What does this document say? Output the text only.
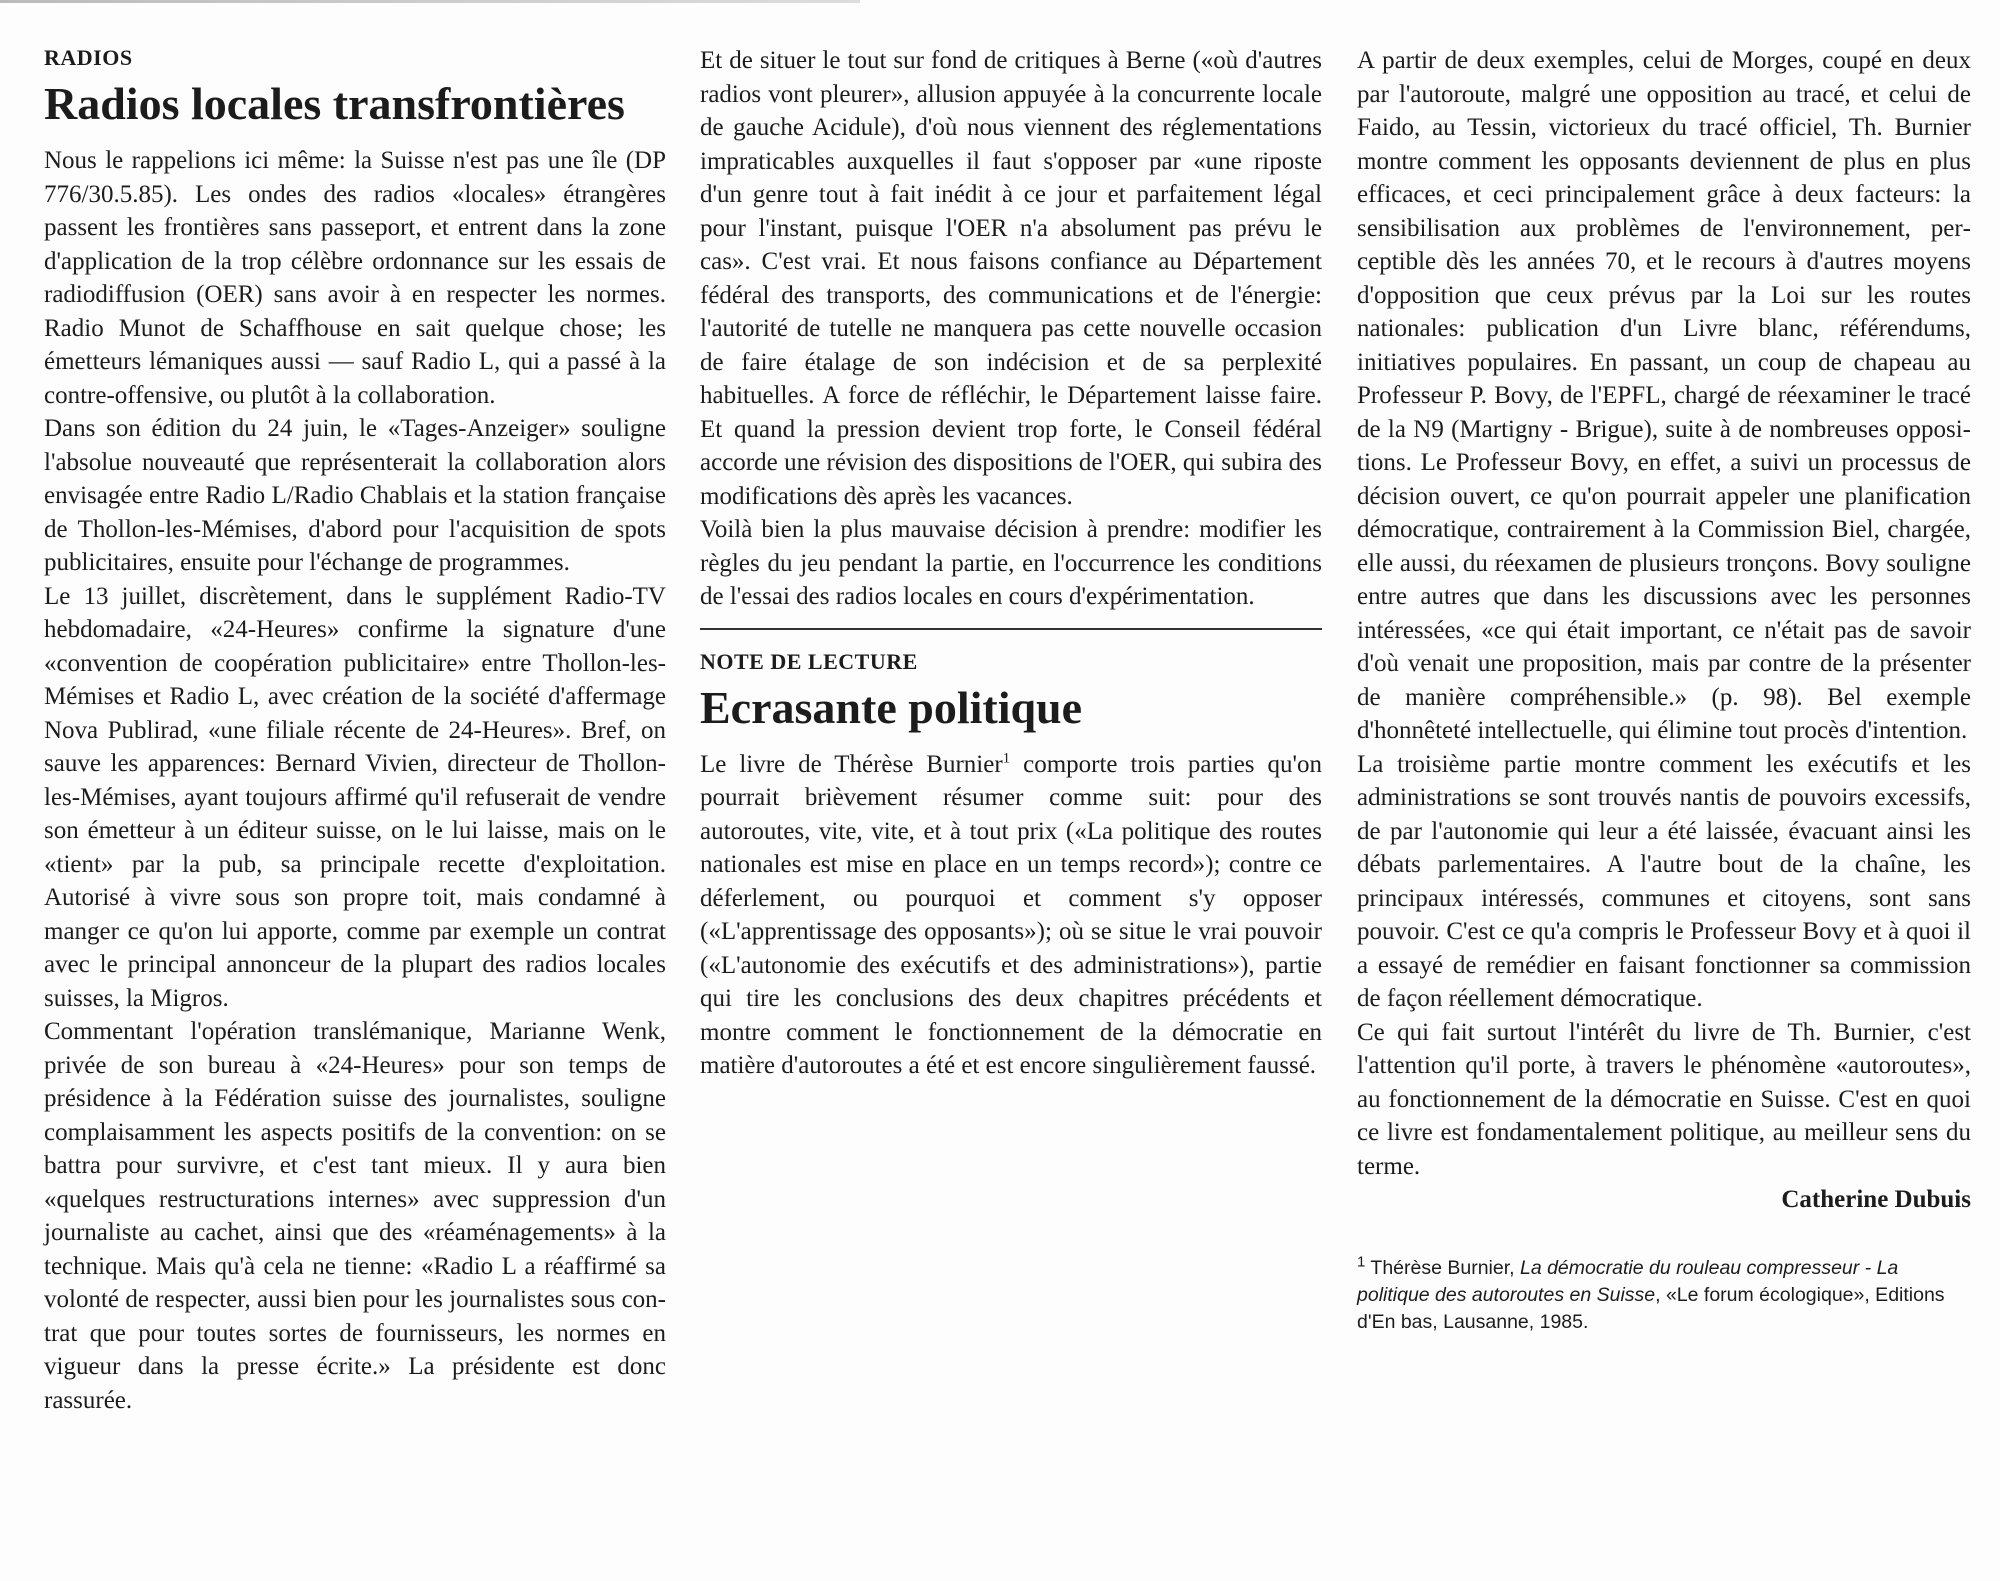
RADIOS
Radios locales transfrontières

Nous le rappelions ici même: la Suisse n'est pas une île (DP 776/30.5.85). Les ondes des radios «locales» étrangères passent les frontières sans passeport, et entrent dans la zone d'application de la trop célèbre ordonnance sur les essais de radiodiffusion (OER) sans avoir à en respecter les normes. Radio Munot de Schaffhouse en sait quelque chose; les émetteurs lémaniques aussi — sauf Radio L, qui a passé à la contre-offensive, ou plutôt à la collaboration.

Dans son édition du 24 juin, le «Tages-Anzeiger» souligne l'absolue nouveauté que représenterait la collaboration alors envisagée entre Radio L/Radio Chablais et la station française de Thollon-les-Mémises, d'abord pour l'acquisition de spots publicitaires, ensuite pour l'échange de programmes.

Le 13 juillet, discrètement, dans le supplément Radio-TV hebdomadaire, «24-Heures» confirme la signature d'une «convention de coopération publicitaire» entre Thollon-les-Mémises et Radio L, avec création de la société d'affermage Nova Publirad, «une filiale récente de 24-Heures». Bref, on sauve les apparences: Bernard Vivien, directeur de Thollon-les-Mémises, ayant toujours affirmé qu'il refuserait de vendre son émetteur à un éditeur suisse, on le lui laisse, mais on le «tient» par la pub, sa principale recette d'exploitation. Autorisé à vivre sous son propre toit, mais condamné à manger ce qu'on lui apporte, comme par exemple un contrat avec le principal annonceur de la plupart des radios locales suisses, la Migros.

Commentant l'opération translémanique, Marianne Wenk, privée de son bureau à «24-Heures» pour son temps de présidence à la Fédération suisse des journalistes, souligne complaisamment les aspects positifs de la convention: on se battra pour survivre, et c'est tant mieux. Il y aura bien «quelques restructurations internes» avec suppression d'un journaliste au cachet, ainsi que des «réaménagements» à la technique. Mais qu'à cela ne tienne: «Radio L a réaffirmé sa volonté de respecter, aussi bien pour les journalistes sous contrat que pour toutes sortes de fournisseurs, les normes en vigueur dans la presse écrite.» La présidente est donc rassurée.

Et de situer le tout sur fond de critiques à Berne («où d'autres radios vont pleurer», allusion appuyée à la concurrente locale de gauche Acidule), d'où nous viennent des réglementations impraticables auxquelles il faut s'opposer par «une riposte d'un genre tout à fait inédit à ce jour et parfaitement légal pour l'instant, puisque l'OER n'a absolument pas prévu le cas». C'est vrai. Et nous faisons confiance au Département fédéral des transports, des communications et de l'énergie: l'autorité de tutelle ne manquera pas cette nouvelle occasion de faire étalage de son indécision et de sa perplexité habituelles. A force de réfléchir, le Département laisse faire. Et quand la pression devient trop forte, le Conseil fédéral accorde une révision des dispositions de l'OER, qui subira des modifications dès après les vacances.

Voilà bien la plus mauvaise décision à prendre: modifier les règles du jeu pendant la partie, en l'occurrence les conditions de l'essai des radios locales en cours d'expérimentation.

NOTE DE LECTURE
Ecrasante politique

Le livre de Thérèse Burnier$^1$ comporte trois parties qu'on pourrait brièvement résumer comme suit: pour des autoroutes, vite, vite, et à tout prix («La politique des routes nationales est mise en place en un temps record»); contre ce déferlement, ou pourquoi et comment s'y opposer («L'apprentissage des opposants»); où se situe le vrai pouvoir («L'autonomie des exécutifs et des administrations»), partie qui tire les conclusions des deux chapitres précédents et montre comment le fonctionnement de la démocratie en matière d'autoroutes a été et est encore singulièrement faussé.

A partir de deux exemples, celui de Morges, coupé en deux par l'autoroute, malgré une opposition au tracé, et celui de Faido, au Tessin, victorieux du tracé officiel, Th. Burnier montre comment les opposants deviennent de plus en plus efficaces, et ceci principalement grâce à deux facteurs: la sensibilisation aux problèmes de l'environnement, perceptible dès les années 70, et le recours à d'autres moyens d'opposition que ceux prévus par la Loi sur les routes nationales: publication d'un Livre blanc, référendums, initiatives populaires. En passant, un coup de chapeau au Professeur P. Bovy, de l'EPFL, chargé de réexaminer le tracé de la N9 (Martigny - Brigue), suite à de nombreuses oppositions. Le Professeur Bovy, en effet, a suivi un processus de décision ouvert, ce qu'on pourrait appeler une planification démocratique, contrairement à la Commission Biel, chargée, elle aussi, du réexamen de plusieurs tronçons. Bovy souligne entre autres que dans les discussions avec les personnes intéressées, «ce qui était important, ce n'était pas de savoir d'où venait une proposition, mais par contre de la présenter de manière compréhensible.» (p. 98). Bel exemple d'honnêteté intellectuelle, qui élimine tout procès d'intention.

La troisième partie montre comment les exécutifs et les administrations se sont trouvés nantis de pouvoirs excessifs, de par l'autonomie qui leur a été laissée, évacuant ainsi les débats parlementaires. A l'autre bout de la chaîne, les principaux intéressés, communes et citoyens, sont sans pouvoir. C'est ce qu'a compris le Professeur Bovy et à quoi il a essayé de remédier en faisant fonctionner sa commission de façon réellement démocratique.

Ce qui fait surtout l'intérêt du livre de Th. Burnier, c'est l'attention qu'il porte, à travers le phénomène «autoroutes», au fonctionnement de la démocratie en Suisse. C'est en quoi ce livre est fondamentalement politique, au meilleur sens du terme.

Catherine Dubuis

$^1$ Thérèse Burnier, La démocratie du rouleau compresseur - La politique des autoroutes en Suisse, «Le forum écologique», Editions d'En bas, Lausanne, 1985.
